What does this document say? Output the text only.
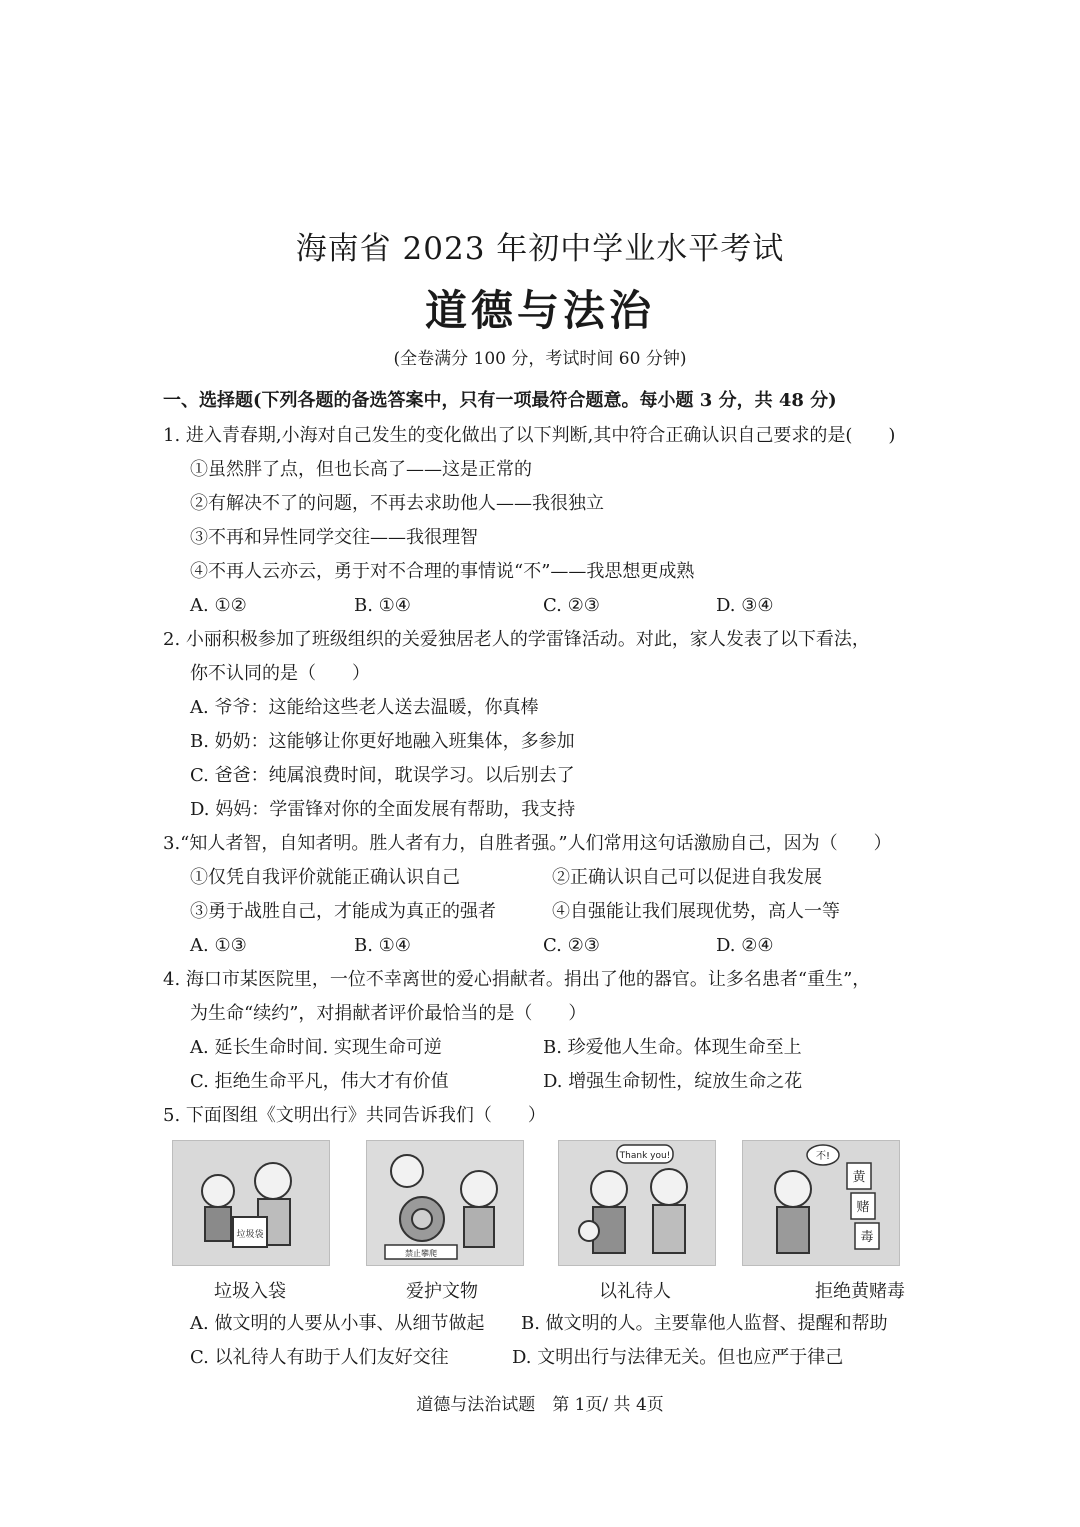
海南省 2023 年初中学业水平考试
道德与法治
(全卷满分 100 分，考试时间 60 分钟)
一、选择题(下列各题的备选答案中，只有一项最符合题意。每小题 3 分，共 48 分)
1. 进入青春期,小海对自己发生的变化做出了以下判断,其中符合正确认识自己要求的是(　　)
①虽然胖了点，但也长高了——这是正常的
②有解决不了的问题，不再去求助他人——我很独立
③不再和异性同学交往——我很理智
④不再人云亦云，勇于对不合理的事情说“不”——我思想更成熟
A. ①②	B. ①④	C. ②③	D. ③④
2. 小丽积极参加了班级组织的关爱独居老人的学雷锋活动。对此，家人发表了以下看法，
你不认同的是（　　）
A. 爷爷：这能给这些老人送去温暖，你真棒
B. 奶奶：这能够让你更好地融入班集体，多参加
C. 爸爸：纯属浪费时间，耽误学习。以后别去了
D. 妈妈：学雷锋对你的全面发展有帮助，我支持
3.“知人者智，自知者明。胜人者有力，自胜者强。”人们常用这句话激励自己，因为（　　）
①仅凭自我评价就能正确认识自己	②正确认识自己可以促进自我发展
③勇于战胜自己，才能成为真正的强者	④自强能让我们展现优势，高人一等
A. ①③	B. ①④	C. ②③	D. ②④
4. 海口市某医院里，一位不幸离世的爱心捐献者。捐出了他的器官。让多名患者“重生”，
为生命“续约”，对捐献者评价最恰当的是（　　）
A. 延长生命时间. 实现生命可逆	B. 珍爱他人生命。体现生命至上
C. 拒绝生命平凡，伟大才有价值	D. 增强生命韧性，绽放生命之花
5. 下面图组《文明出行》共同告诉我们（　　）
垃圾袋
禁止攀爬
Thank you!	不!
黄
赌
毒
垃圾入袋	爱护文物	以礼待人	拒绝黄赌毒
A. 做文明的人要从小事、从细节做起 B. 做文明的人。主要靠他人监督、提醒和帮助
C. 以礼待人有助于人们友好交往	D. 文明出行与法律无关。但也应严于律己
道德与法治试题　第 1页/ 共 4页
